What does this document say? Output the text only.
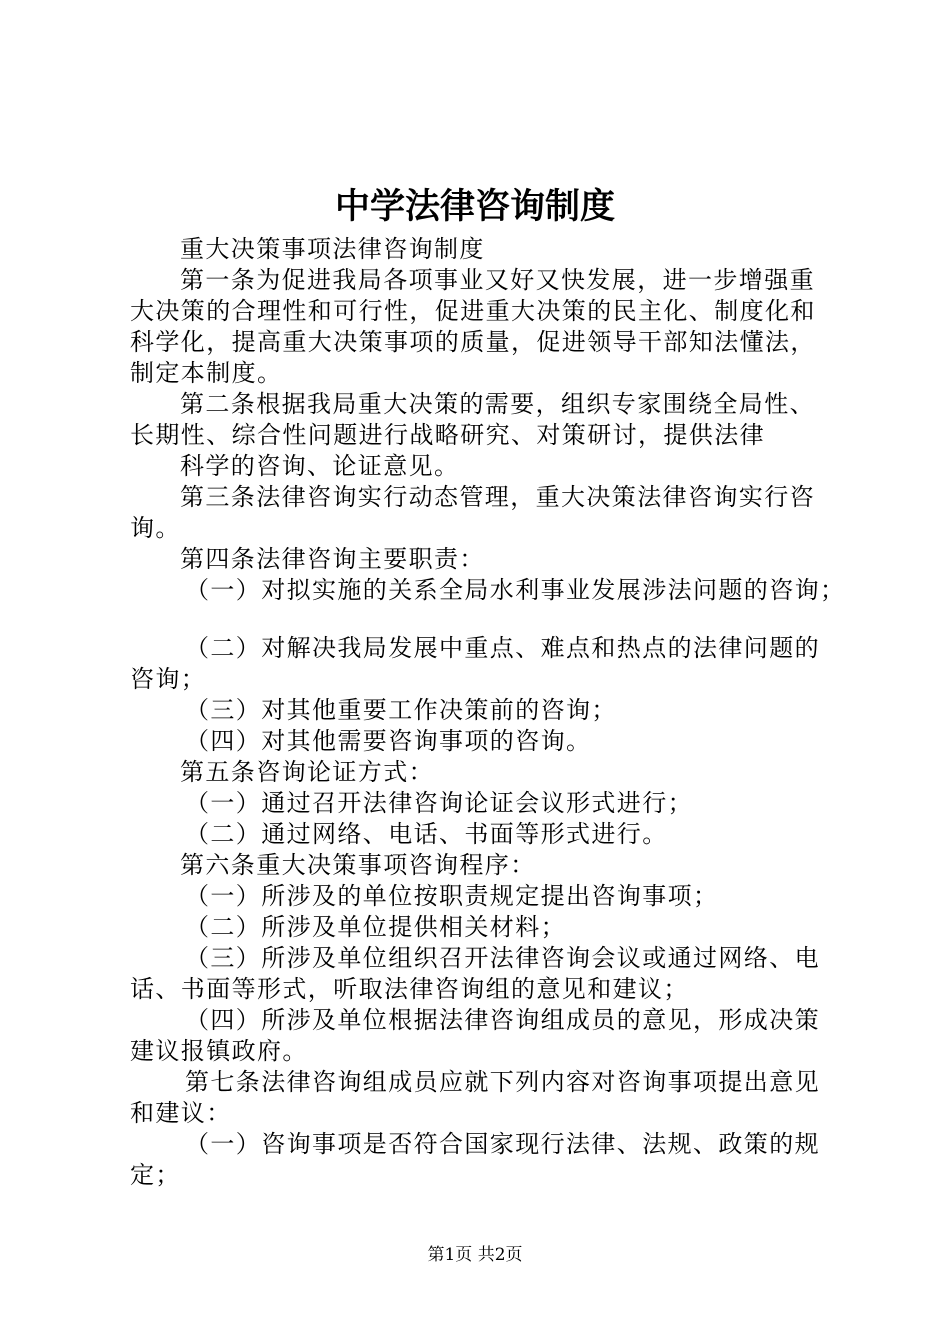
中学法律咨询制度
重大决策事项法律咨询制度
第一条为促进我局各项事业又好又快发展，进一步增强重
大决策的合理性和可行性，促进重大决策的民主化、制度化和
科学化，提高重大决策事项的质量，促进领导干部知法懂法，
制定本制度。
第二条根据我局重大决策的需要，组织专家围绕全局性、
长期性、综合性问题进行战略研究、对策研讨，提供法律
科学的咨询、论证意见。
第三条法律咨询实行动态管理，重大决策法律咨询实行咨
询。
第四条法律咨询主要职责：
（一）对拟实施的关系全局水利事业发展涉法问题的咨询；
（二）对解决我局发展中重点、难点和热点的法律问题的
咨询；
（三）对其他重要工作决策前的咨询；
（四）对其他需要咨询事项的咨询。
第五条咨询论证方式：
（一）通过召开法律咨询论证会议形式进行；
（二）通过网络、电话、书面等形式进行。
第六条重大决策事项咨询程序：
（一）所涉及的单位按职责规定提出咨询事项；
（二）所涉及单位提供相关材料；
（三）所涉及单位组织召开法律咨询会议或通过网络、电
话、书面等形式，听取法律咨询组的意见和建议；
（四）所涉及单位根据法律咨询组成员的意见，形成决策
建议报镇政府。
第七条法律咨询组成员应就下列内容对咨询事项提出意见
和建议：
（一）咨询事项是否符合国家现行法律、法规、政策的规
定；
第1页 共2页
